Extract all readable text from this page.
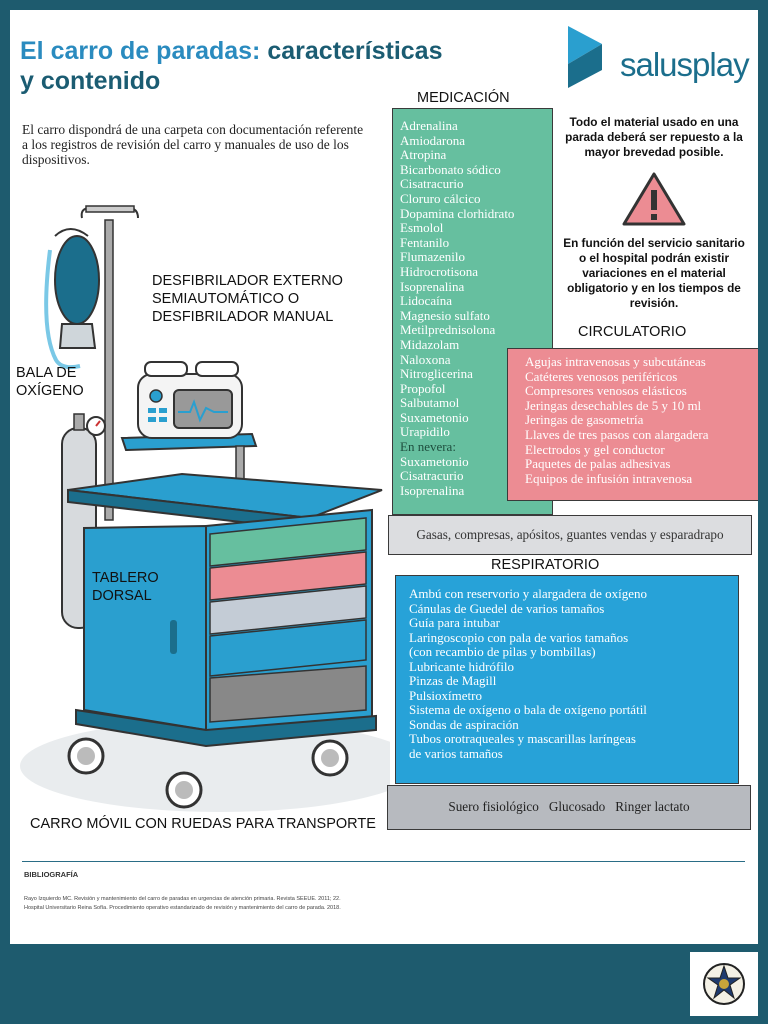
El carro de paradas: características
y contenido	salusplay
El carro dispondrá de una carpeta con documentación referente a los registros de revisión del carro y manuales de uso de los dispositivos.
DESFIBRILADOR EXTERNO
SEMIAUTOMÁTICO O
DESFIBRILADOR MANUAL
BALA DE
OXÍGENO
TABLERO
DORSAL
CARRO MÓVIL CON RUEDAS PARA TRANSPORTE
MEDICACIÓN
Adrenalina
Amiodarona
Atropina
Bicarbonato sódico
Cisatracurio
Cloruro cálcico
Dopamina clorhidrato
Esmolol
Fentanilo
Flumazenilo
Hidrocrotisona
Isoprenalina
Lidocaína
Magnesio sulfato
Metilprednisolona
Midazolam
Naloxona
Nitroglicerina
Propofol
Salbutamol
Suxametonio
Urapidilo
En nevera:
Suxametonio
Cisatracurio
Isoprenalina
Todo el material usado en una parada deberá ser repuesto a la mayor brevedad posible.
En función del servicio sanitario o el hospital podrán existir variaciones en el material obligatorio y en los tiempos de revisión.
CIRCULATORIO
Agujas intravenosas y subcutáneas
Catéteres venosos periféricos
Compresores venosos elásticos
Jeringas desechables de 5 y 10 ml
Jeringas de gasometría
Llaves de tres pasos con alargadera
Electrodos y gel conductor
Paquetes de palas adhesivas
Equipos de infusión intravenosa
Gasas, compresas, apósitos, guantes vendas y esparadrapo
RESPIRATORIO
Ambú con reservorio y alargadera de oxígeno
Cánulas de Guedel de varios tamaños
Guía para intubar
Laringoscopio con pala de varios tamaños
(con recambio de pilas y bombillas)
Lubricante hidrófilo
Pinzas de Magill
Pulsioxímetro
Sistema de oxígeno o bala de oxígeno portátil
Sondas de aspiración
Tubos orotraqueales y mascarillas laríngeas
de varios tamaños
Suero fisiológico Glucosado Ringer lactato
BIBLIOGRAFÍA
Rayo Izquierdo MC. Revisión y mantenimiento del carro de paradas en urgencias de atención primaria. Revista SEEUE. 2011; 22.
Hospital Universitario Reina Sofía. Procedimiento operativo estandarizado de revisión y mantenimiento del carro de parada. 2018.
